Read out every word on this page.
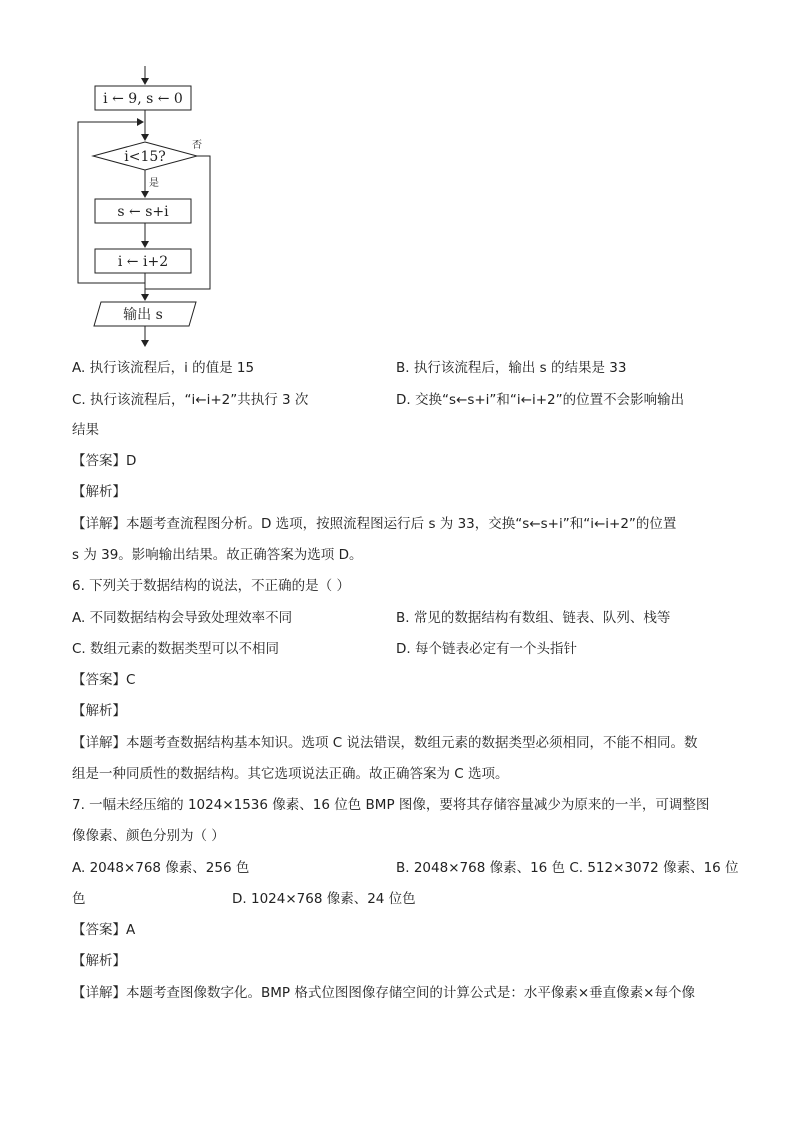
i ← 9, s ← 0
i<15?
否
是
s ← s+i
i ← i+2
输出 s
A. 执行该流程后，i 的值是 15	B. 执行该流程后，输出 s 的结果是 33
C. 执行该流程后，“i←i+2”共执行 3 次	D. 交换“s←s+i”和“i←i+2”的位置不会影响输出
结果
【答案】D
【解析】
【详解】本题考查流程图分析。D 选项，按照流程图运行后 s 为 33，交换“s←s+i”和“i←i+2”的位置
s 为 39。影响输出结果。故正确答案为选项 D。
6. 下列关于数据结构的说法，不正确的是（ ）
A. 不同数据结构会导致处理效率不同	B. 常见的数据结构有数组、链表、队列、栈等
C. 数组元素的数据类型可以不相同	D. 每个链表必定有一个头指针
【答案】C
【解析】
【详解】本题考查数据结构基本知识。选项 C 说法错误，数组元素的数据类型必须相同，不能不相同。数
组是一种同质性的数据结构。其它选项说法正确。故正确答案为 C 选项。
7. 一幅未经压缩的 1024×1536 像素、16 位色 BMP 图像，要将其存储容量减少为原来的一半，可调整图
像像素、颜色分别为（ ）
A. 2048×768 像素、256 色	B. 2048×768 像素、16 色 C. 512×3072 像素、16 位
色	D. 1024×768 像素、24 位色
【答案】A
【解析】
【详解】本题考查图像数字化。BMP 格式位图图像存储空间的计算公式是：水平像素×垂直像素×每个像
